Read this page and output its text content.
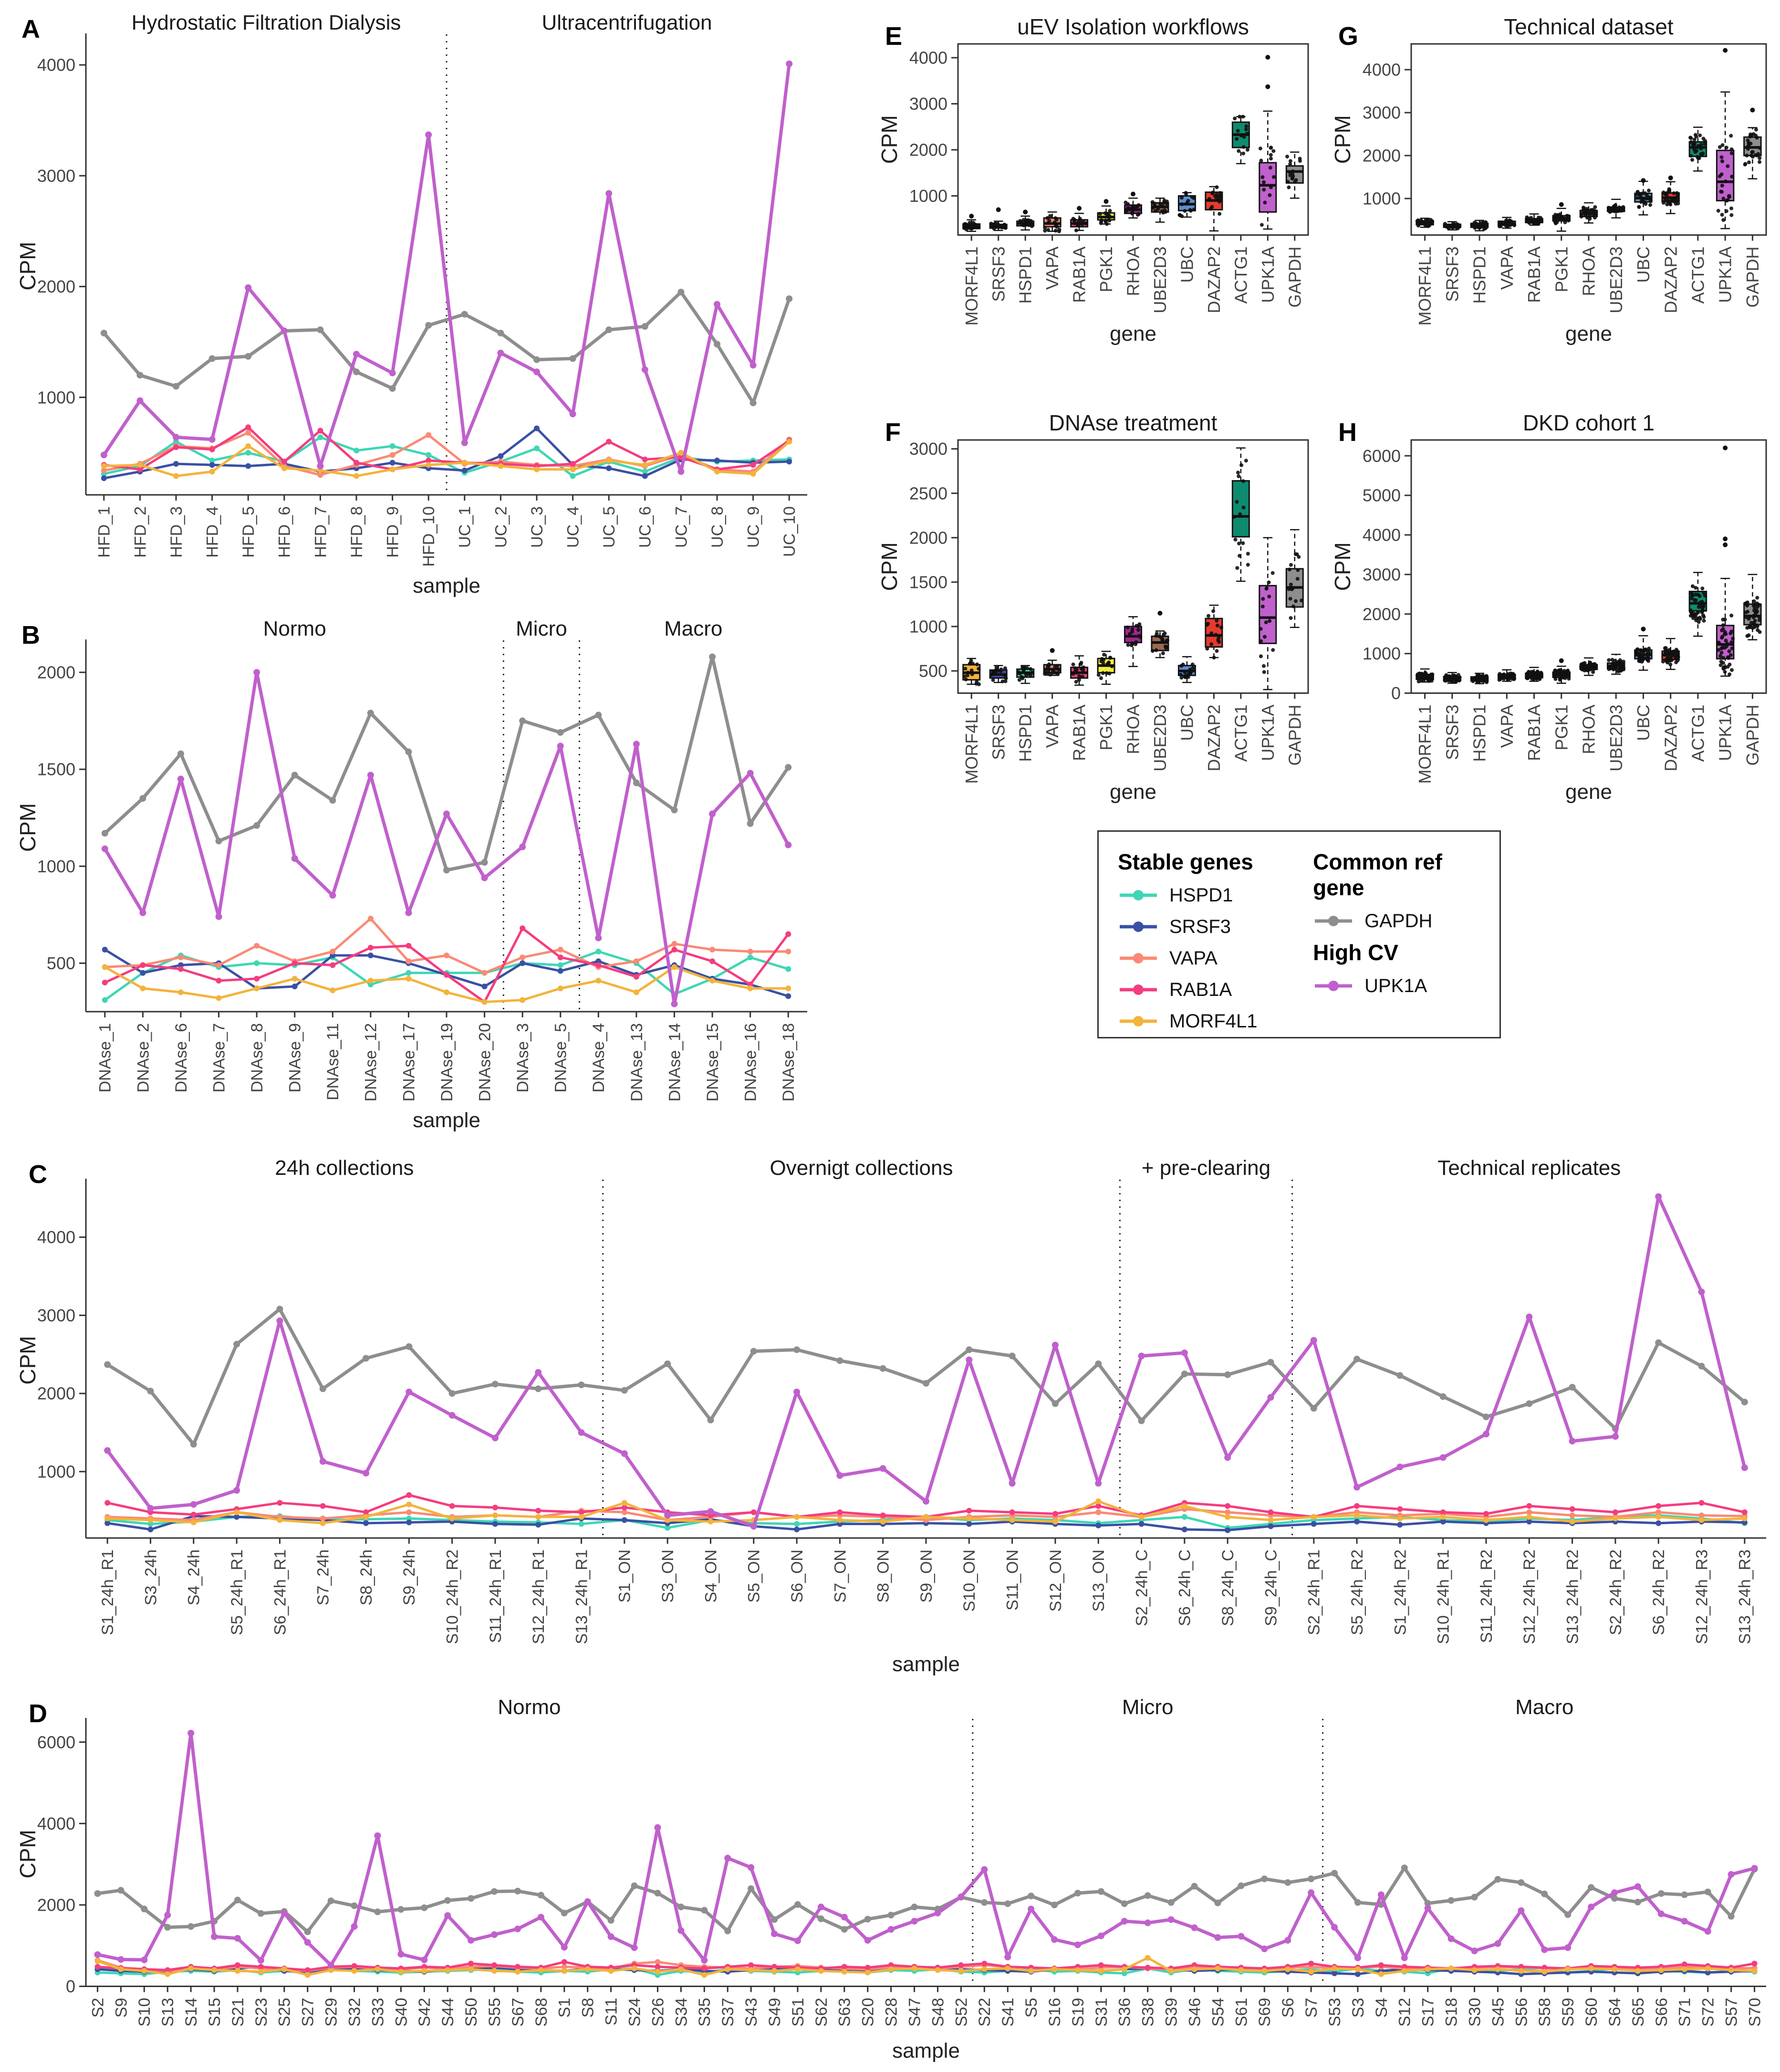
A
B
C
D
E
F
G
H
1000
2000
3000
4000
HFD_1 HFD_2 HFD_3 HFD_4 HFD_5 HFD_6 HFD_7 HFD_8 HFD_9 HFD_10 UC_1 UC_2 UC_3 UC_4 UC_5 UC_6 UC_7 UC_8 UC_9 UC_10
Hydrostatic Filtration Dialysis	Ultracentrifugation
CPM
sample
500
1000
1500
2000
DNAse_1 DNAse_2 DNAse_6 DNAse_7 DNAse_8 DNAse_9 DNAse_11 DNAse_12 DNAse_17 DNAse_19 DNAse_20 DNAse_3 DNAse_5 DNAse_4 DNAse_13 DNAse_14 DNAse_15 DNAse_16 DNAse_18
Normo	Micro	Macro
CPM
sample
1000
2000
3000
4000
S1_24h_R1 S3_24h S4_24h S5_24h_R1 S6_24h_R1 S7_24h S8_24h S9_24h S10_24h_R2 S11_24h_R1 S12_24h_R1 S13_24h_R1 S1_ON S3_ON S4_ON S5_ON S6_ON S7_ON S8_ON S9_ON S10_ON S11_ON S12_ON S13_ON S2_24h_C S6_24h_C S8_24h_C S9_24h_C S2_24h_R1 S5_24h_R2 S1_24h_R2 S10_24h_R1 S11_24h_R2 S12_24h_R2 S13_24h_R2 S2_24h_R2 S6_24h_R2 S12_24h_R3 S13_24h_R3
24h collections	Overnigt collections	+ pre-clearing	Technical replicates
CPM
sample
0
2000
4000
6000
S2 S9 S10 S13 S14 S15 S21 S23 S25 S27 S29 S32 S33 S40 S42 S44 S50 S55 S67 S68 S1 S8 S11 S24 S26 S34 S35 S37 S43 S49 S51 S62 S63 S20 S28 S47 S48 S52 S22 S41 S5 S16 S19 S31 S36 S38 S39 S46 S54 S61 S69 S6 S7 S53 S3 S4 S12 S17 S18 S30 S45 S56 S58 S59 S60 S64 S65 S66 S71 S72 S57 S70
Normo	Micro	Macro
CPM
sample
uEV Isolation workflows
1000
2000
3000
4000
MORF4L1 SRSF3 HSPD1 VAPA RAB1A PGK1 RHOA UBE2D3 UBC DAZAP2 ACTG1 UPK1A GAPDH
CPM
gene
DNAse treatment
500
1000
1500
2000
2500
3000
MORF4L1 SRSF3 HSPD1 VAPA RAB1A PGK1 RHOA UBE2D3 UBC DAZAP2 ACTG1 UPK1A GAPDH
CPM
gene
Technical dataset
1000
2000
3000
4000
MORF4L1 SRSF3 HSPD1 VAPA RAB1A PGK1 RHOA UBE2D3 UBC DAZAP2 ACTG1 UPK1A GAPDH
CPM
gene
DKD cohort 1
0
1000
2000
3000
4000
5000
6000
MORF4L1 SRSF3 HSPD1 VAPA RAB1A PGK1 RHOA UBE2D3 UBC DAZAP2 ACTG1 UPK1A GAPDH
CPM
gene
Stable genes
HSPD1
SRSF3
VAPA
RAB1A
MORF4L1
Common ref gene
GAPDH
High CV
UPK1A
